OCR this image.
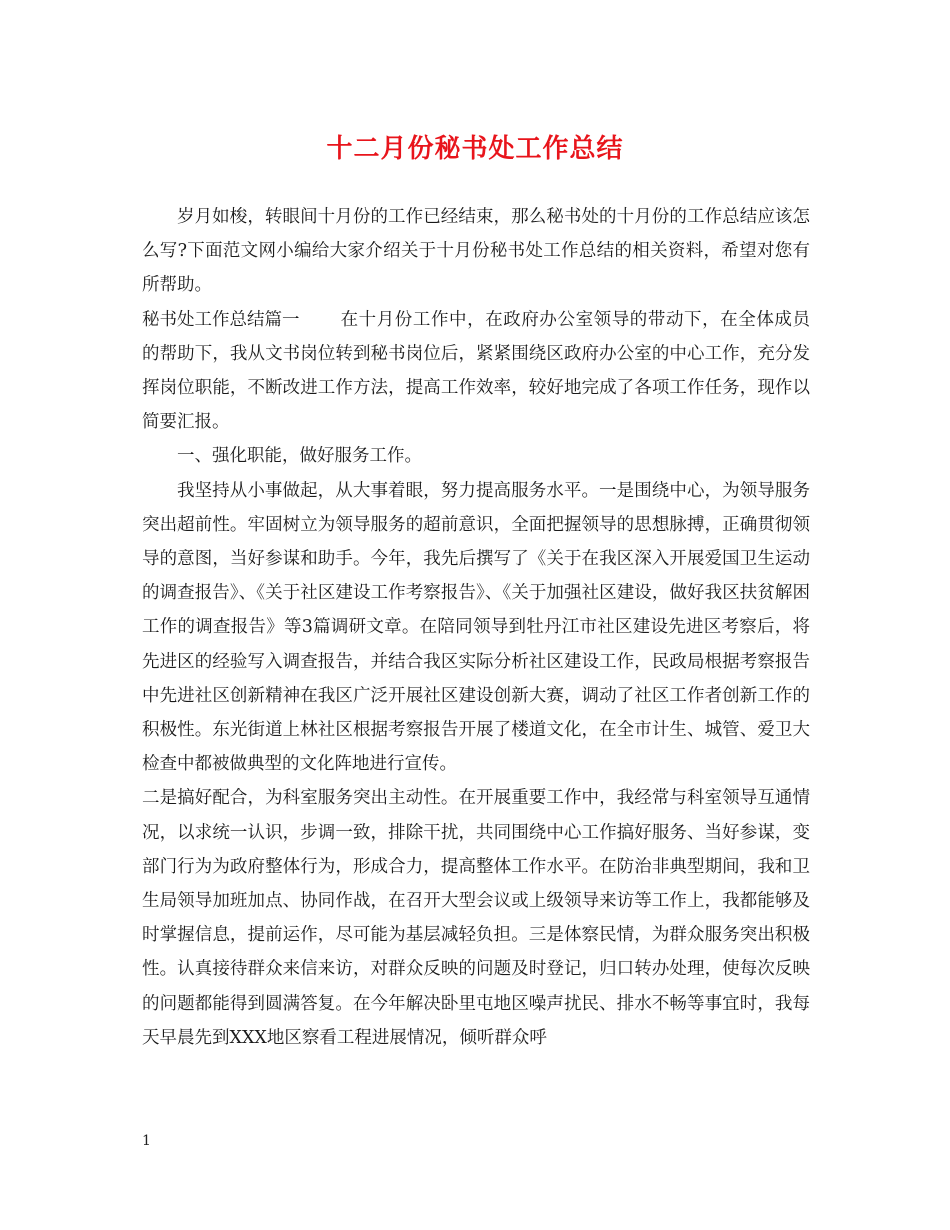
十二月份秘书处工作总结

岁月如梭，转眼间十月份的工作已经结束，那么秘书处的十月份的工作总结应该怎么写?下面范文网小编给大家介绍关于十月份秘书处工作总结的相关资料，希望对您有所帮助。

秘书处工作总结篇一 在十月份工作中，在政府办公室领导的带动下，在全体成员的帮助下，我从文书岗位转到秘书岗位后，紧紧围绕区政府办公室的中心工作，充分发挥岗位职能，不断改进工作方法，提高工作效率，较好地完成了各项工作任务，现作以简要汇报。

一、强化职能，做好服务工作。

我坚持从小事做起，从大事着眼，努力提高服务水平。一是围绕中心，为领导服务突出超前性。牢固树立为领导服务的超前意识，全面把握领导的思想脉搏，正确贯彻领导的意图，当好参谋和助手。今年，我先后撰写了《关于在我区深入开展爱国卫生运动的调查报告》、《关于社区建设工作考察报告》、《关于加强社区建设，做好我区扶贫解困工作的调查报告》等3篇调研文章。在陪同领导到牡丹江市社区建设先进区考察后，将先进区的经验写入调查报告，并结合我区实际分析社区建设工作，民政局根据考察报告中先进社区创新精神在我区广泛开展社区建设创新大赛，调动了社区工作者创新工作的积极性。东光街道上林社区根据考察报告开展了楼道文化，在全市计生、城管、爱卫大检查中都被做典型的文化阵地进行宣传。

二是搞好配合，为科室服务突出主动性。在开展重要工作中，我经常与科室领导互通情况，以求统一认识，步调一致，排除干扰，共同围绕中心工作搞好服务、当好参谋，变部门行为为政府整体行为，形成合力，提高整体工作水平。在防治非典型期间，我和卫生局领导加班加点、协同作战，在召开大型会议或上级领导来访等工作上，我都能够及时掌握信息，提前运作，尽可能为基层减轻负担。三是体察民情，为群众服务突出积极性。认真接待群众来信来访，对群众反映的问题及时登记，归口转办处理，使每次反映的问题都能得到圆满答复。在今年解决卧里屯地区噪声扰民、排水不畅等事宜时，我每天早晨先到XXX地区察看工程进展情况，倾听群众呼

1
